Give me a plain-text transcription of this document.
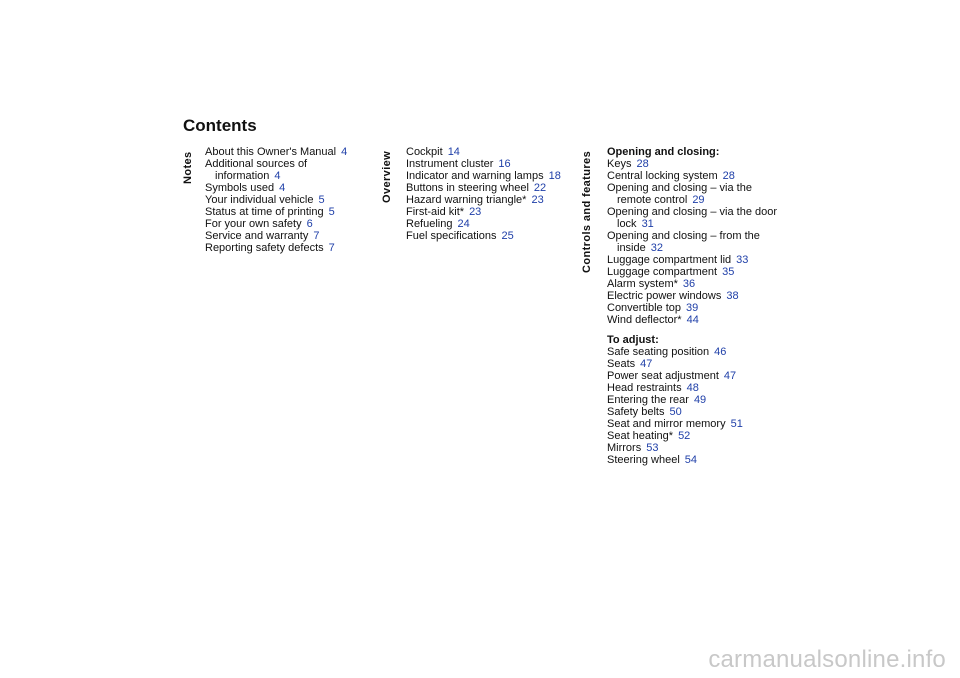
Contents
Notes About this Owner's Manual 4

Additional sources of information 4

Symbols used 4

Your individual vehicle 5

Status at time of printing 5

For your own safety 6

Service and warranty 7

Reporting safety defects 7

Overview Cockpit 14

Instrument cluster 16

Indicator and warning lamps 18

Buttons in steering wheel 22

Hazard warning triangle* 23

First-aid kit* 23

Refueling 24

Fuel specifications 25	Controls and features Opening and closing:

Keys 28

Central locking system 28

Opening and closing – via the remote control 29

Opening and closing – via the door lock 31

Opening and closing – from the inside 32

Luggage compartment lid 33

Luggage compartment 35

Alarm system* 36

Electric power windows 38

Convertible top 39

Wind deflector* 44

To adjust:

Safe seating position 46

Seats 47

Power seat adjustment 47

Head restraints 48

Entering the rear 49

Safety belts 50

Seat and mirror memory 51

Seat heating* 52

Mirrors 53

Steering wheel 54

carmanualsonline.info
